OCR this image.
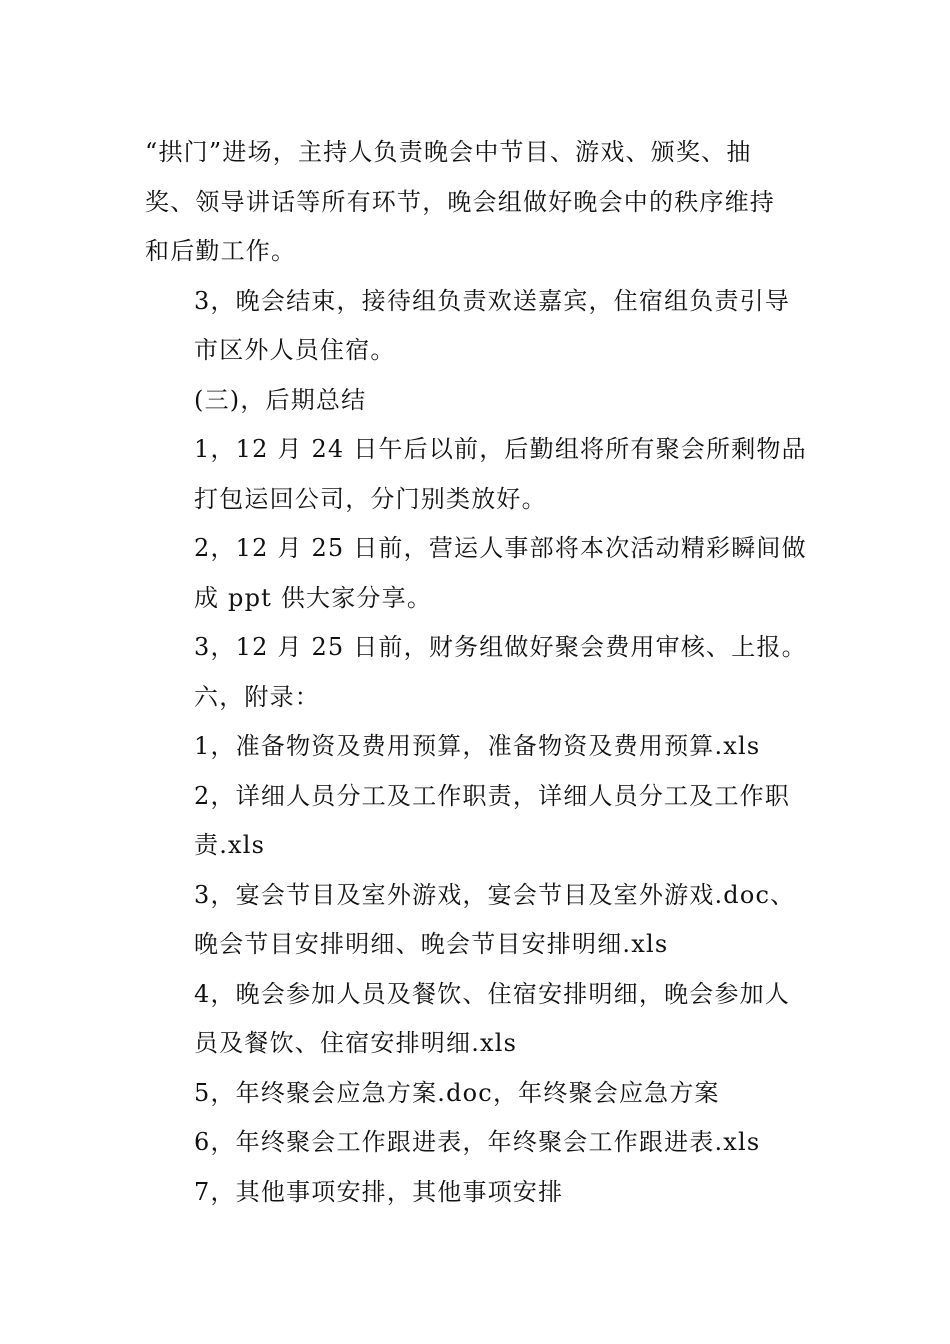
“拱门”进场，主持人负责晚会中节目、游戏、颁奖、抽
奖、领导讲话等所有环节，晚会组做好晚会中的秩序维持
和后勤工作。

3，晚会结束，接待组负责欢送嘉宾，住宿组负责引导
市区外人员住宿。

(三)，后期总结

1，12 月 24 日午后以前，后勤组将所有聚会所剩物品
打包运回公司，分门别类放好。

2，12 月 25 日前，营运人事部将本次活动精彩瞬间做
成 ppt 供大家分享。

3，12 月 25 日前，财务组做好聚会费用审核、上报。

六，附录：

1，准备物资及费用预算，准备物资及费用预算.xls

2，详细人员分工及工作职责，详细人员分工及工作职
责.xls

3，宴会节目及室外游戏，宴会节目及室外游戏.doc、
晚会节目安排明细、晚会节目安排明细.xls

4，晚会参加人员及餐饮、住宿安排明细，晚会参加人
员及餐饮、住宿安排明细.xls

5，年终聚会应急方案.doc，年终聚会应急方案

6，年终聚会工作跟进表，年终聚会工作跟进表.xls

7，其他事项安排，其他事项安排
